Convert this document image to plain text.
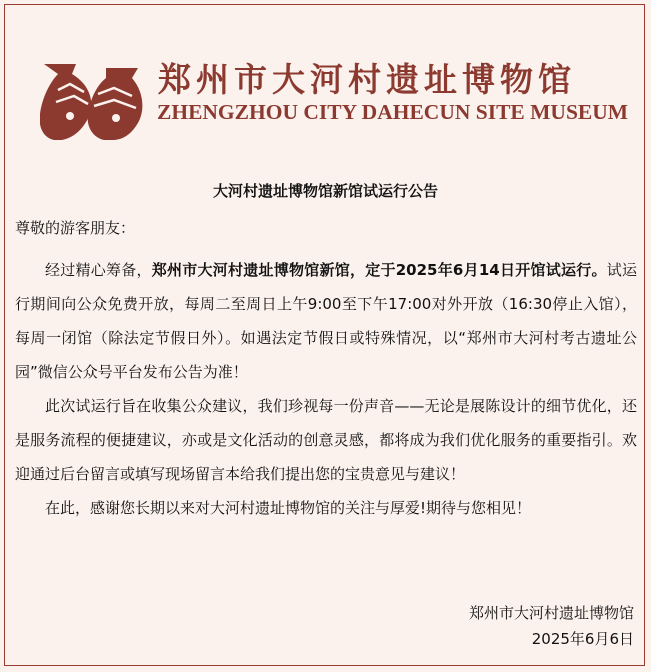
郑州市大河村遗址博物馆
ZHENGZHOU CITY DAHECUN SITE MUSEUM
大河村遗址博物馆新馆试运行公告
尊敬的游客朋友：

经过精心筹备，郑州市大河村遗址博物馆新馆，定于2025年6月14日开馆试运行。试运行期间向公众免费开放，每周二至周日上午9:00至下午17:00对外开放（16:30停止入馆），每周一闭馆（除法定节假日外）。如遇法定节假日或特殊情况，以“郑州市大河村考古遗址公园”微信公众号平台发布公告为准！

此次试运行旨在收集公众建议，我们珍视每一份声音——无论是展陈设计的细节优化，还是服务流程的便捷建议，亦或是文化活动的创意灵感，都将成为我们优化服务的重要指引。欢迎通过后台留言或填写现场留言本给我们提出您的宝贵意见与建议！

在此，感谢您长期以来对大河村遗址博物馆的关注与厚爱!期待与您相见！

郑州市大河村遗址博物馆
2025年6月6日
